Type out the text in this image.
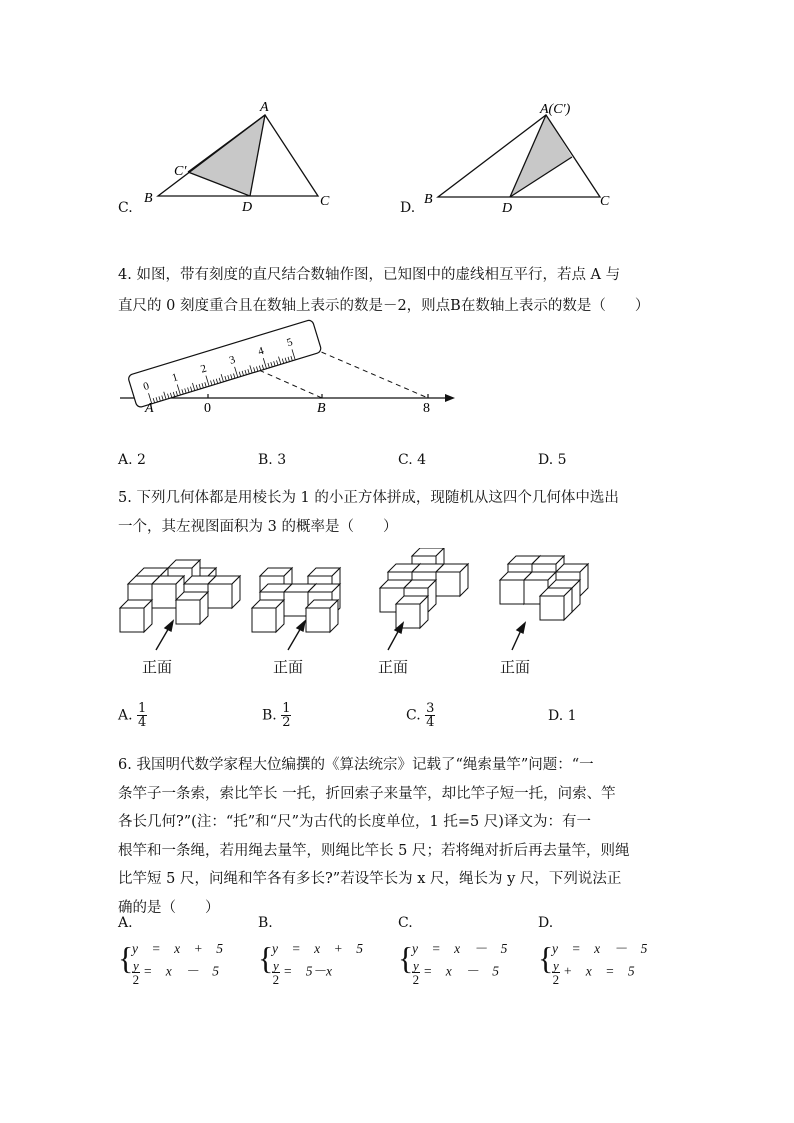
C.
A
C′
B
D	C	D.
A(C′)
B
D	C
4. 如图，带有刻度的直尺结合数轴作图，已知图中的虚线相互平行，若点 A 与
直尺的 0 刻度重合且在数轴上表示的数是－2，则点B在数轴上表示的数是（　　）
0
1
2
3
4
5
A	0	B	8
A. 2	B. 3	C. 4	D. 5
5. 下列几何体都是用棱长为 1 的小正方体拼成，现随机从这四个几何体中选出
一个，其左视图面积为 3 的概率是（　　）
正面	正面	正面	正面
A. $\frac{1}{4}$	B. $\frac{1}{2}$	C. $\frac{3}{4}$	D. 1
6. 我国明代数学家程大位编撰的《算法统宗》记载了“绳索量竿”问题：“一
条竿子一条索，索比竿长 一托，折回索子来量竿，却比竿子短一托，问索、竿
各长几何?”(注：“托”和“尺”为古代的长度单位，1 托=5 尺)译文为：有一
根竿和一条绳，若用绳去量竿，则绳比竿长 5 尺；若将绳对折后再去量竿，则绳
比竿短 5 尺，问绳和竿各有多长?”若设竿长为 x 尺，绳长为 y 尺，下列说法正
确的是（　　）
A.
{
y　=　x　+　5
$\frac{y}{2}$ =　x　－　5
B.
{
y　=　x　+　5
$\frac{y}{2}$ =　5－x
C.
{
y　=　x　－　5
$\frac{y}{2}$ =　x　－　5
D.
{
y　=　x　－　5
$\frac{y}{2}$ +　x　=　5
